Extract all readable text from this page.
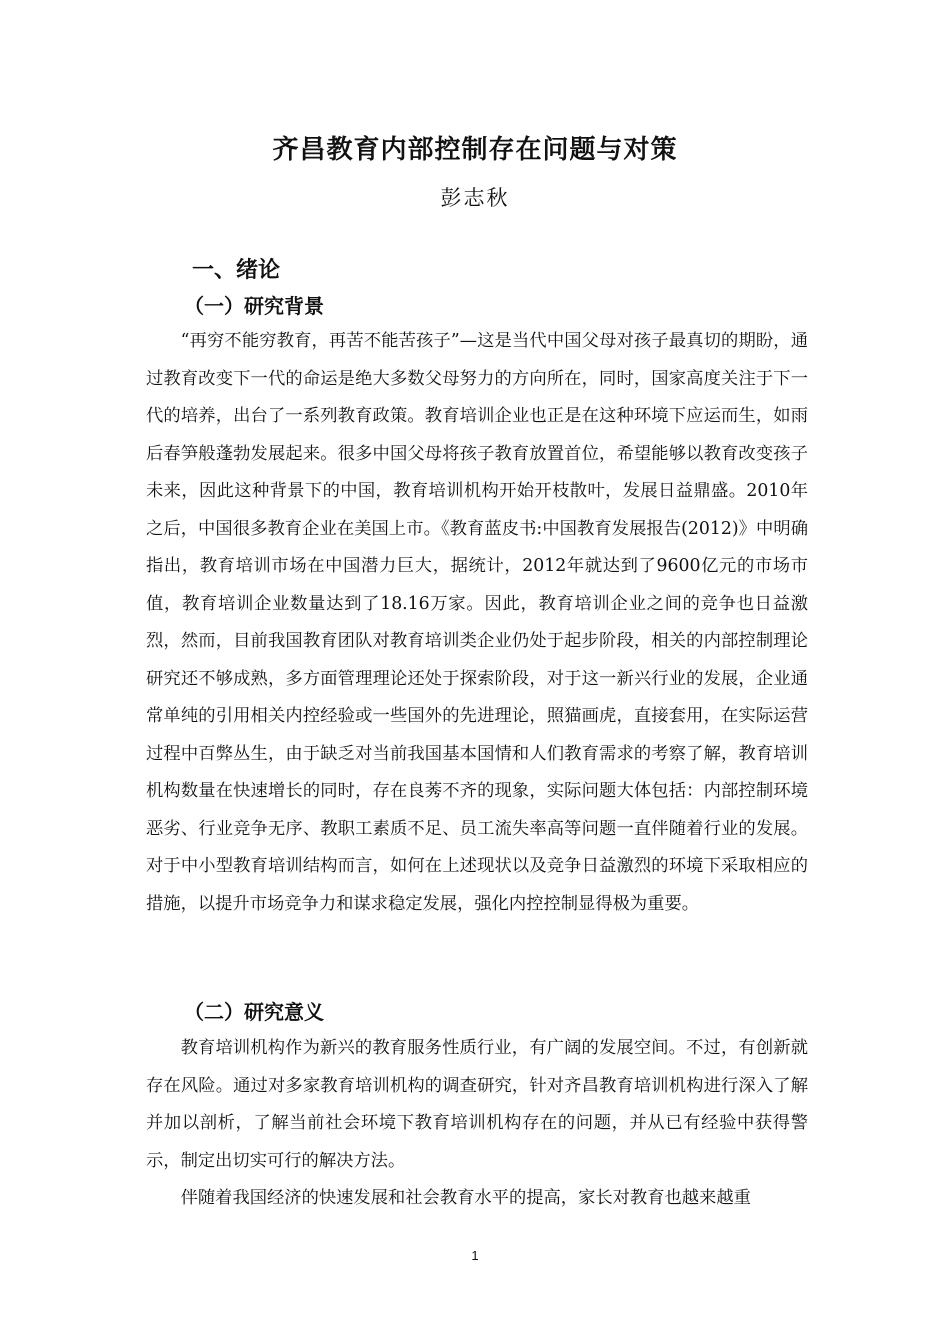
齐昌教育内部控制存在问题与对策
彭志秋
一、绪论
（一）研究背景

“再穷不能穷教育，再苦不能苦孩子”—这是当代中国父母对孩子最真切的期盼，通过教育改变下一代的命运是绝大多数父母努力的方向所在，同时，国家高度关注于下一代的培养，出台了一系列教育政策。教育培训企业也正是在这种环境下应运而生，如雨后春笋般蓬勃发展起来。很多中国父母将孩子教育放置首位，希望能够以教育改变孩子未来，因此这种背景下的中国，教育培训机构开始开枝散叶，发展日益鼎盛。2010年之后，中国很多教育企业在美国上市。《教育蓝皮书:中国教育发展报告(2012)》中明确指出，教育培训市场在中国潜力巨大，据统计，2012年就达到了9600亿元的市场市值，教育培训企业数量达到了18.16万家。因此，教育培训企业之间的竞争也日益激烈，然而，目前我国教育团队对教育培训类企业仍处于起步阶段，相关的内部控制理论研究还不够成熟，多方面管理理论还处于探索阶段，对于这一新兴行业的发展，企业通常单纯的引用相关内控经验或一些国外的先进理论，照猫画虎，直接套用，在实际运营过程中百弊丛生，由于缺乏对当前我国基本国情和人们教育需求的考察了解，教育培训机构数量在快速增长的同时，存在良莠不齐的现象，实际问题大体包括：内部控制环境恶劣、行业竞争无序、教职工素质不足、员工流失率高等问题一直伴随着行业的发展。对于中小型教育培训结构而言，如何在上述现状以及竞争日益激烈的环境下采取相应的措施，以提升市场竞争力和谋求稳定发展，强化内控控制显得极为重要。

（二）研究意义

教育培训机构作为新兴的教育服务性质行业，有广阔的发展空间。不过，有创新就存在风险。通过对多家教育培训机构的调查研究，针对齐昌教育培训机构进行深入了解并加以剖析，了解当前社会环境下教育培训机构存在的问题，并从已有经验中获得警示，制定出切实可行的解决方法。

伴随着我国经济的快速发展和社会教育水平的提高，家长对教育也越来越重

1
